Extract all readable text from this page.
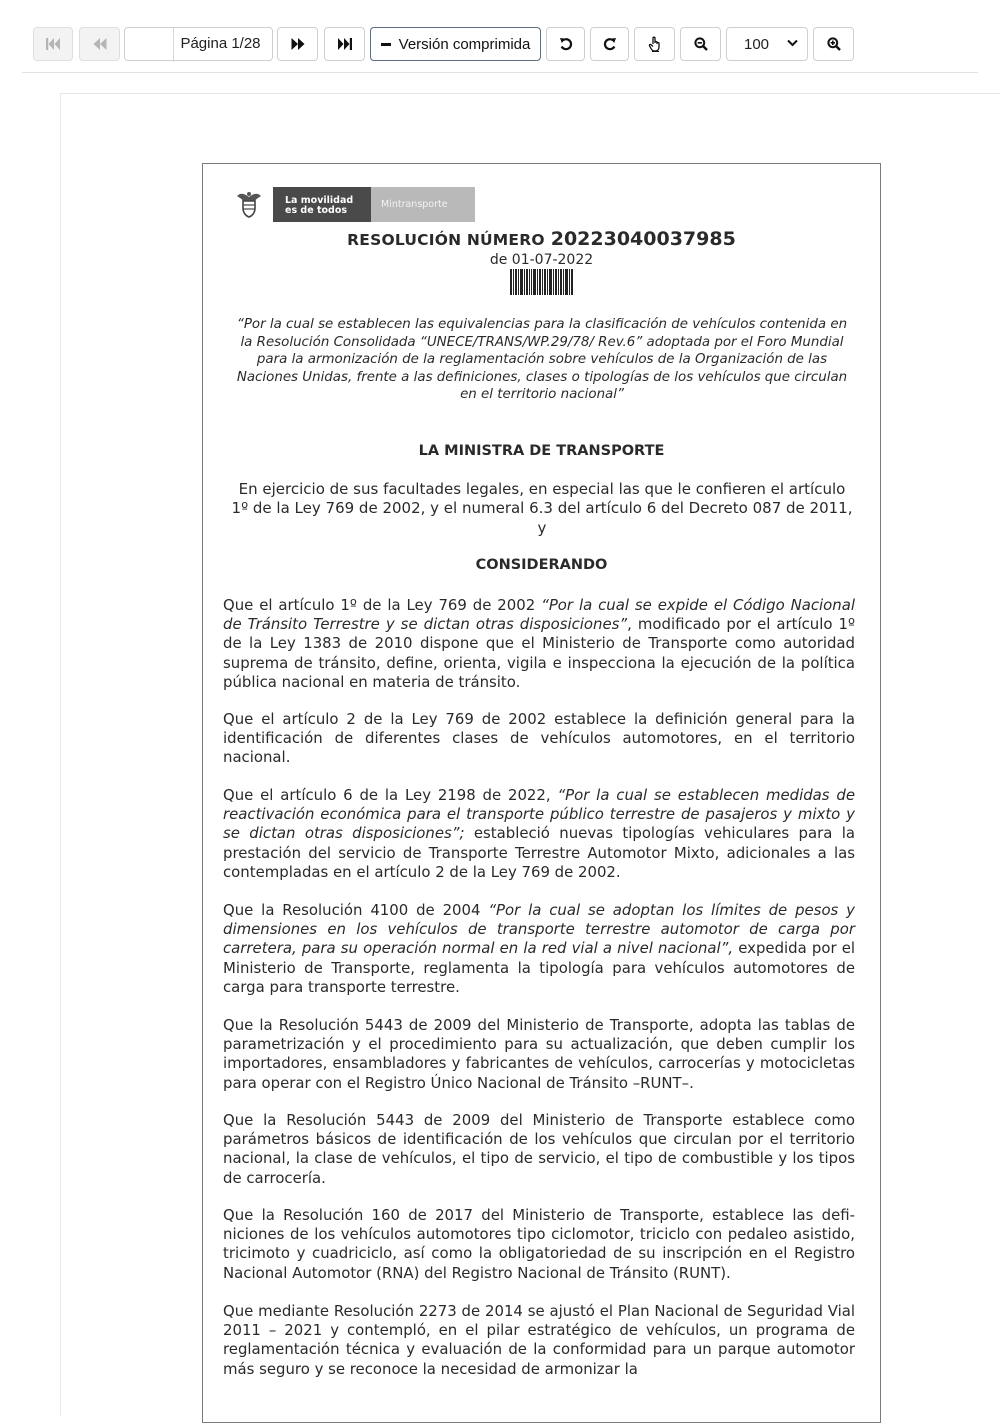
Página 1/28	Versión comprimida	100
La movilidad
es de todos
Mintransporte
RESOLUCIÓN NÚMERO 20223040037985
de 01-07-2022
“Por la cual se establecen las equivalencias para la clasificación de vehículos contenida en la Resolución Consolidada “UNECE/TRANS/WP.29/78/ Rev.6” adoptada por el Foro Mundial para la armonización de la reglamentación sobre vehículos de la Organización de las Naciones Unidas, frente a las definiciones, clases o tipologías de los vehículos que circulan en el territorio nacional”
LA MINISTRA DE TRANSPORTE
En ejercicio de sus facultades legales, en especial las que le confieren el artículo 1º de la Ley 769 de 2002, y el numeral 6.3 del artículo 6 del Decreto 087 de 2011, y
CONSIDERANDO
Que el artículo 1º de la Ley 769 de 2002 “Por la cual se expide el Código Nacional de Tránsito Terrestre y se dictan otras disposiciones”, modificado por el artículo 1º de la Ley 1383 de 2010 dispone que el Ministerio de Transporte como autoridad suprema de tránsito, define, orienta, vigila e inspecciona la ejecución de la política pública nacional en materia de tránsito.
Que el artículo 2 de la Ley 769 de 2002 establece la definición general para la identificación de diferentes clases de vehículos automotores, en el territorio nacional.
Que el artículo 6 de la Ley 2198 de 2022, “Por la cual se establecen medidas de reactivación económica para el transporte público terrestre de pasajeros y mixto y se dictan otras disposiciones”; estableció nuevas tipologías vehiculares para la prestación del servicio de Transporte Terrestre Automotor Mixto, adicionales a las contempladas en el artículo 2 de la Ley 769 de 2002.
Que la Resolución 4100 de 2004 “Por la cual se adoptan los límites de pesos y dimensiones en los vehículos de transporte terrestre automotor de carga por carretera, para su operación normal en la red vial a nivel nacional”, expedida por el Ministerio de Transporte, reglamenta la tipología para vehículos automotores de carga para transporte terrestre.
Que la Resolución 5443 de 2009 del Ministerio de Transporte, adopta las tablas de parametrización y el procedimiento para su actualización, que deben cumplir los importadores, ensambladores y fabricantes de vehículos, carrocerías y motocicletas para operar con el Registro Único Nacional de Tránsito –RUNT–.
Que la Resolución 5443 de 2009 del Ministerio de Transporte establece como parámetros básicos de identificación de los vehículos que circulan por el territorio nacional, la clase de vehículos, el tipo de servicio, el tipo de combustible y los tipos de carrocería.
Que la Resolución 160 de 2017 del Ministerio de Transporte, establece las defi-niciones de los vehículos automotores tipo ciclomotor, triciclo con pedaleo asistido, tricimoto y cuadriciclo, así como la obligatoriedad de su inscripción en el Registro Nacional Automotor (RNA) del Registro Nacional de Tránsito (RUNT).
Que mediante Resolución 2273 de 2014 se ajustó el Plan Nacional de Seguridad Vial 2011 – 2021 y contempló, en el pilar estratégico de vehículos, un programa de reglamentación técnica y evaluación de la conformidad para un parque automotor más seguro y se reconoce la necesidad de armonizar la
